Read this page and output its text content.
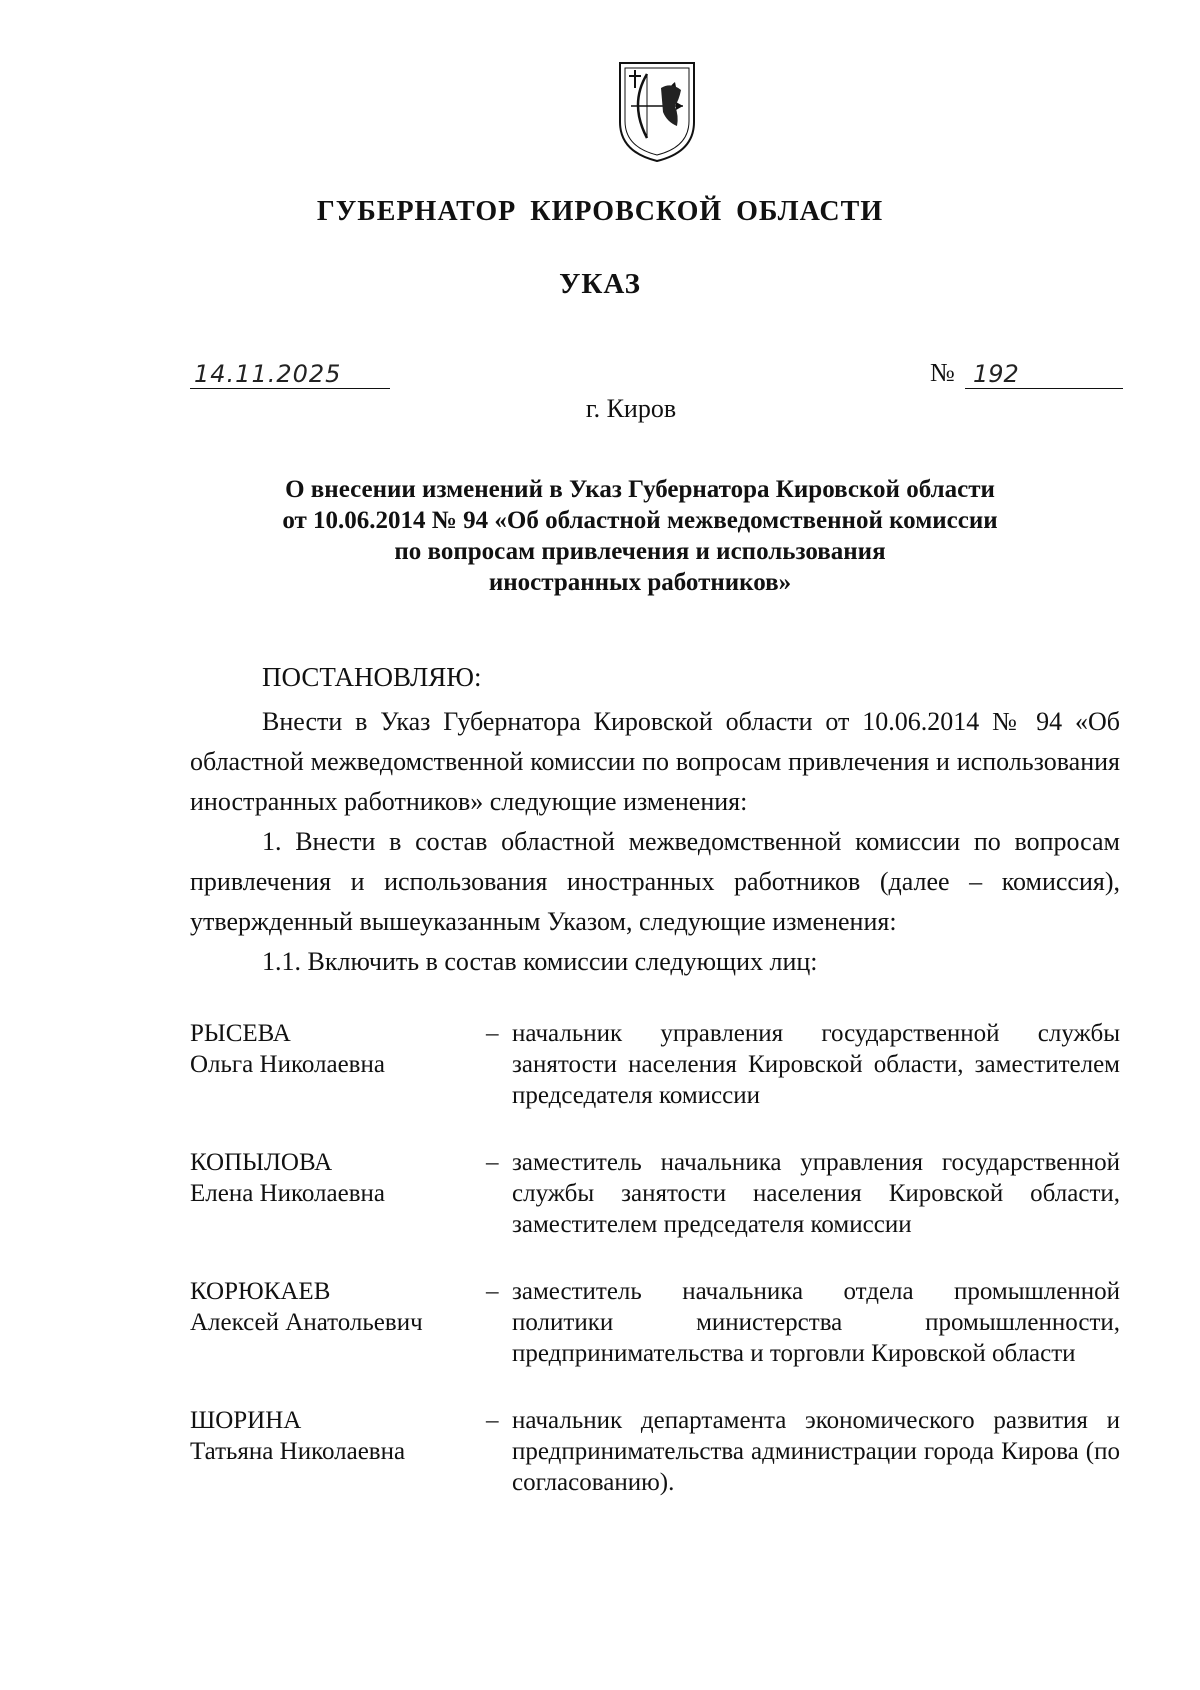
ГУБЕРНАТОР КИРОВСКОЙ ОБЛАСТИ
УКАЗ
14.11.2025	№ 192
г. Киров
О внесении изменений в Указ Губернатора Кировской области
от 10.06.2014 № 94 «Об областной межведомственной комиссии
по вопросам привлечения и использования
иностранных работников»
ПОСТАНОВЛЯЮ:

Внести в Указ Губернатора Кировской области от 10.06.2014 № 94 «Об областной межведомственной комиссии по вопросам привлечения и использования иностранных работников» следующие изменения:

1. Внести в состав областной межведомственной комиссии по вопросам привлечения и использования иностранных работников (далее – комиссия), утвержденный вышеуказанным Указом, следующие изменения:

1.1. Включить в состав комиссии следующих лиц:

РЫСЕВА
Ольга Николаевна
– начальник управления государственной службы занятости населения Кировской области, заместителем председателя комиссии
КОПЫЛОВА
Елена Николаевна
– заместитель начальника управления государственной службы занятости населения Кировской области, заместителем председателя комиссии
КОРЮКАЕВ
Алексей Анатольевич
– заместитель начальника отдела промышленной политики министерства промышленности, предпринимательства и торговли Кировской области
ШОРИНА
Татьяна Николаевна
– начальник департамента экономического развития и предпринимательства администрации города Кирова (по согласованию).
